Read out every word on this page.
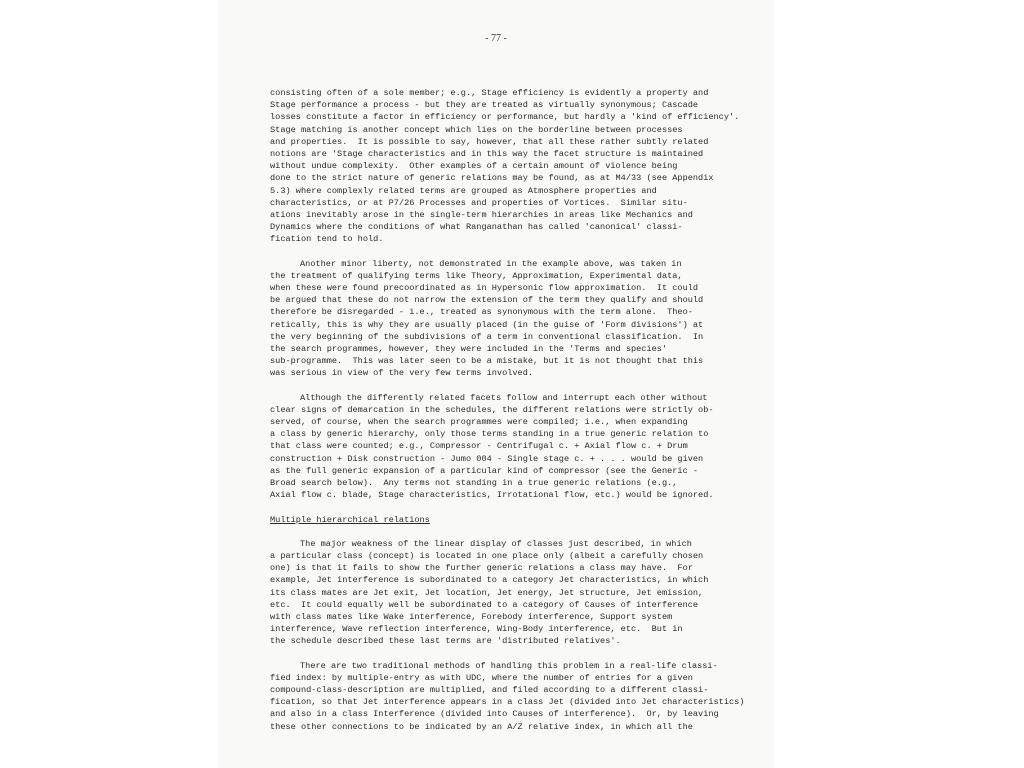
- 77 -
consisting often of a sole member; e.g., Stage efficiency is evidently a property and
Stage performance a process - but they are treated as virtually synonymous; Cascade
losses constitute a factor in efficiency or performance, but hardly a 'kind of efficiency'.
Stage matching is another concept which lies on the borderline between processes
and properties.  It is possible to say, however, that all these rather subtly related
notions are 'Stage characteristics and in this way the facet structure is maintained
without undue complexity.  Other examples of a certain amount of violence being
done to the strict nature of generic relations may be found, as at M4/33 (see Appendix
5.3) where complexly related terms are grouped as Atmosphere properties and
characteristics, or at P7/26 Processes and properties of Vortices.  Similar situ-
ations inevitably arose in the single-term hierarchies in areas like Mechanics and
Dynamics where the conditions of what Ranganathan has called 'canonical' classi-
fication tend to hold.
Another minor liberty, not demonstrated in the example above, was taken in
the treatment of qualifying terms like Theory, Approximation, Experimental data,
when these were found precoordinated as in Hypersonic flow approximation.  It could
be argued that these do not narrow the extension of the term they qualify and should
therefore be disregarded - i.e., treated as synonymous with the term alone.  Theo-
retically, this is why they are usually placed (in the guise of 'Form divisions') at
the very beginning of the subdivisions of a term in conventional classification.  In
the search programmes, however, they were included in the 'Terms and species'
sub-programme.  This was later seen to be a mistake, but it is not thought that this
was serious in view of the very few terms involved.
Although the differently related facets follow and interrupt each other without
clear signs of demarcation in the schedules, the different relations were strictly ob-
served, of course, when the search programmes were compiled; i.e., when expanding
a class by generic hierarchy, only those terms standing in a true generic relation to
that class were counted; e.g., Compressor - Centrifugal c. + Axial flow c. + Drum
construction + Disk construction - Jumo 004 - Single stage c. + . . . would be given
as the full generic expansion of a particular kind of compressor (see the Generic -
Broad search below).  Any terms not standing in a true generic relations (e.g.,
Axial flow c. blade, Stage characteristics, Irrotational flow, etc.) would be ignored.
Multiple hierarchical relations
The major weakness of the linear display of classes just described, in which
a particular class (concept) is located in one place only (albeit a carefully chosen
one) is that it fails to show the further generic relations a class may have.  For
example, Jet interference is subordinated to a category Jet characteristics, in which
its class mates are Jet exit, Jet location, Jet energy, Jet structure, Jet emission,
etc.  It could equally well be subordinated to a category of Causes of interference
with class mates like Wake interference, Forebody interference, Support system
interference, Wave reflection interference, Wing-Body interference, etc.  But in
the schedule described these last terms are 'distributed relatives'.
There are two traditional methods of handling this problem in a real-life classi-
fied index: by multiple-entry as with UDC, where the number of entries for a given
compound-class-description are multiplied, and filed according to a different classi-
fication, so that Jet interference appears in a class Jet (divided into Jet characteristics)
and also in a class Interference (divided into Causes of interference).  Or, by leaving
these other connections to be indicated by an A/Z relative index, in which all the
